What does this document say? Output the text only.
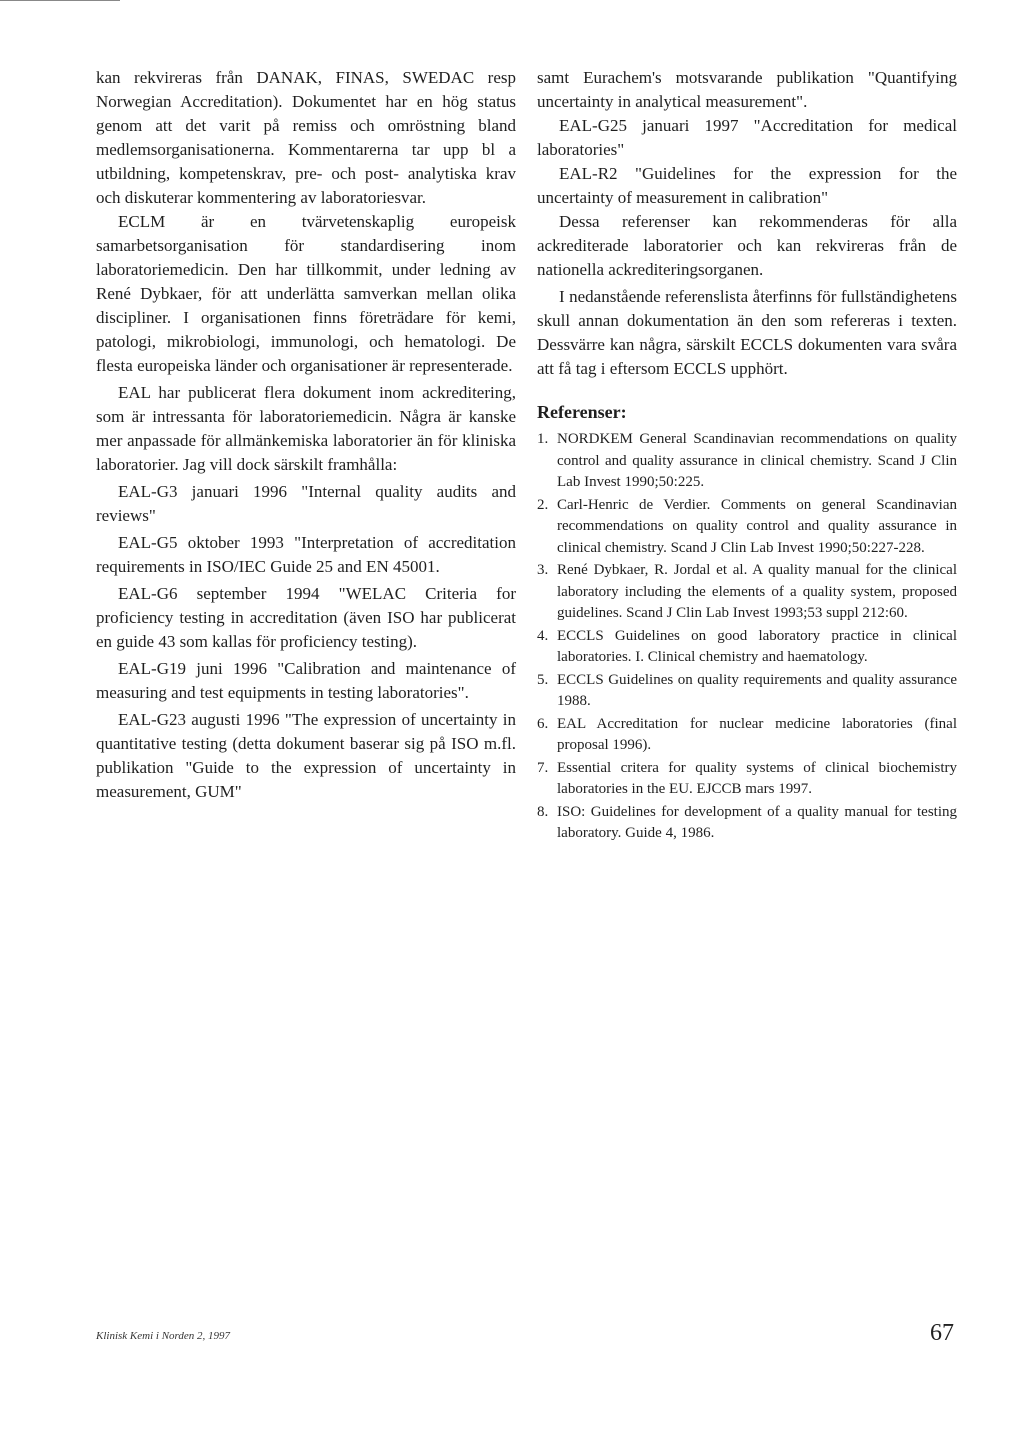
kan rekvireras från DANAK, FINAS, SWEDAC resp Norwegian Accreditation). Dokumentet har en hög status genom att det varit på remiss och omröstning bland medlemsorganisationerna. Kommentarerna tar upp bl a utbildning, kompetenskrav, pre- och post- analytiska krav och diskuterar kommentering av laboratoriesvar.

ECLM är en tvärvetenskaplig europeisk samarbetsorganisation för standardisering inom laboratoriemedicin. Den har tillkommit, under ledning av René Dybkaer, för att underlätta samverkan mellan olika discipliner. I organisationen finns företrädare för kemi, patologi, mikrobiologi, immunologi, och hematologi. De flesta europeiska länder och organisationer är representerade.

EAL har publicerat flera dokument inom ackreditering, som är intressanta för laboratoriemedicin. Några är kanske mer anpassade för allmänkemiska laboratorier än för kliniska laboratorier. Jag vill dock särskilt framhålla:

EAL-G3 januari 1996 "Internal quality audits and reviews"

EAL-G5 oktober 1993 "Interpretation of accreditation requirements in ISO/IEC Guide 25 and EN 45001.

EAL-G6 september 1994 "WELAC Criteria for proficiency testing in accreditation (även ISO har publicerat en guide 43 som kallas för proficiency testing).

EAL-G19 juni 1996 "Calibration and maintenance of measuring and test equipments in testing laboratories".

EAL-G23 augusti 1996 "The expression of uncertainty in quantitative testing (detta dokument baserar sig på ISO m.fl. publikation "Guide to the expression of uncertainty in measurement, GUM"

samt Eurachem's motsvarande publikation "Quantifying uncertainty in analytical measurement".

EAL-G25 januari 1997 "Accreditation for medical laboratories"

EAL-R2 "Guidelines for the expression for the uncertainty of measurement in calibration"

Dessa referenser kan rekommenderas för alla ackrediterade laboratorier och kan rekvireras från de nationella ackrediteringsorganen.

I nedanstående referenslista återfinns för fullständighetens skull annan dokumentation än den som refereras i texten. Dessvärre kan några, särskilt ECCLS dokumenten vara svåra att få tag i eftersom ECCLS upphört.

Referenser:
1. NORDKEM General Scandinavian recommendations on quality control and quality assurance in clinical chemistry. Scand J Clin Lab Invest 1990;50:225.
2. Carl-Henric de Verdier. Comments on general Scandinavian recommendations on quality control and quality assurance in clinical chemistry. Scand J Clin Lab Invest 1990;50:227-228.
3. René Dybkaer, R. Jordal et al. A quality manual for the clinical laboratory including the elements of a quality system, proposed guidelines. Scand J Clin Lab Invest 1993;53 suppl 212:60.
4. ECCLS Guidelines on good laboratory practice in clinical laboratories. I. Clinical chemistry and haematology.
5. ECCLS Guidelines on quality requirements and quality assurance 1988.
6. EAL Accreditation for nuclear medicine laboratories (final proposal 1996).
7. Essential critera for quality systems of clinical biochemistry laboratories in the EU. EJCCB mars 1997.
8. ISO: Guidelines for development of a quality manual for testing laboratory. Guide 4, 1986.
Klinisk Kemi i Norden 2, 1997	67
